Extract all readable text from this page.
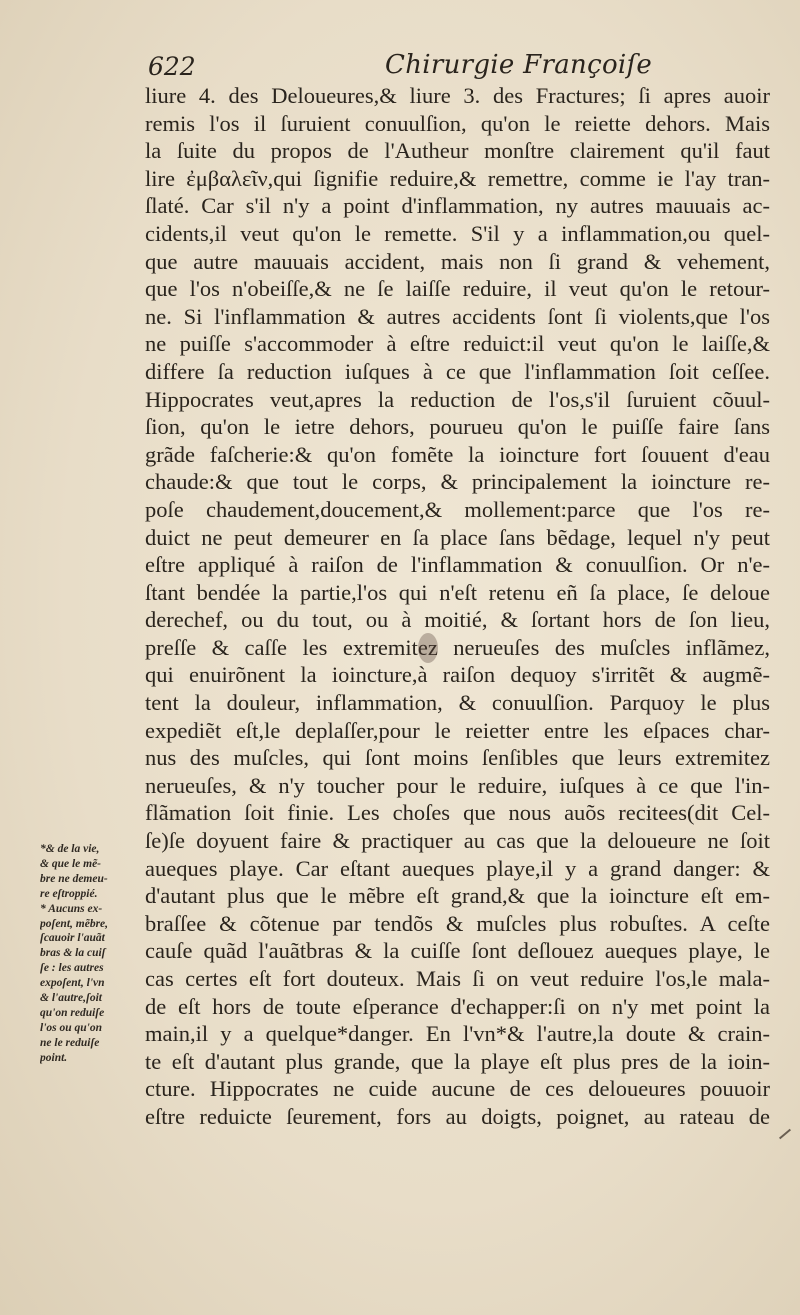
622	Chirurgie Françoiſe
liure 4. des Deloueures,& liure 3. des Fractures; ſi apres auoir
remis l'os il ſuruient conuulſion, qu'on le reiette dehors. Mais
la ſuite du propos de l'Autheur monſtre clairement qu'il faut
lire ἐμβαλεῖν,qui ſignifie reduire,& remettre, comme ie l'ay tran-
ſlaté. Car s'il n'y a point d'inflammation, ny autres mauuais ac-
cidents,il veut qu'on le remette. S'il y a inflammation,ou quel-
que autre mauuais accident, mais non ſi grand & vehement,
que l'os n'obeiſſe,& ne ſe laiſſe reduire, il veut qu'on le retour-
ne. Si l'inflammation & autres accidents ſont ſi violents,que l'os
ne puiſſe s'accommoder à eſtre reduict:il veut qu'on le laiſſe,&
differe ſa reduction iuſques à ce que l'inflammation ſoit ceſſee.
Hippocrates veut,apres la reduction de l'os,s'il ſuruient cõuul-
ſion, qu'on le ietre dehors, pourueu qu'on le puiſſe faire ſans
grãde faſcherie:& qu'on fomẽte la ioincture fort ſouuent d'eau
chaude:& que tout le corps, & principalement la ioincture re-
poſe chaudement,doucement,& mollement:parce que l'os re-
duict ne peut demeurer en ſa place ſans bẽdage, lequel n'y peut
eſtre appliqué à raiſon de l'inflammation & conuulſion. Or n'e-
ſtant bendée la partie,l'os qui n'eſt retenu eñ ſa place, ſe deloue
derechef, ou du tout, ou à moitié, & ſortant hors de ſon lieu,
preſſe & caſſe les extremitez nerueuſes des muſcles inflãmez,
qui enuirõnent la ioincture,à raiſon dequoy s'irritẽt & augmẽ-
tent la douleur, inflammation, & conuulſion. Parquoy le plus
expediẽt eſt,le deplaſſer,pour le reietter entre les eſpaces char-
nus des muſcles, qui ſont moins ſenſibles que leurs extremitez
nerueuſes, & n'y toucher pour le reduire, iuſques à ce que l'in-
flãmation ſoit finie. Les choſes que nous auõs recitees(dit Cel-
ſe)ſe doyuent faire & practiquer au cas que la deloueure ne ſoit
aueques playe. Car eſtant aueques playe,il y a grand danger: &
d'autant plus que le mẽbre eſt grand,& que la ioincture eſt em-
braſſee & cõtenue par tendõs & muſcles plus robuſtes. A ceſte
cauſe quãd l'auãtbras & la cuiſſe ſont deſlouez aueques playe, le
cas certes eſt fort douteux. Mais ſi on veut reduire l'os,le mala-
de eſt hors de toute eſperance d'echapper:ſi on n'y met point la
main,il y a quelque*danger. En l'vn*& l'autre,la doute & crain-
te eſt d'autant plus grande, que la playe eſt plus pres de la ioin-
cture. Hippocrates ne cuide aucune de ces deloueures pouuoir
eſtre reduicte ſeurement, fors au doigts, poignet, au rateau de
*& de la vie,
& que le mẽ-
bre ne demeu-
re eſtroppié.
* Aucuns ex-
poſent, mẽbre,
ſcauoir l'auãt
bras & la cuiſ
ſe : les autres
expoſent, l'vn
& l'autre,ſoit
qu'on reduiſe
l'os ou qu'on
ne le reduiſe
point.
